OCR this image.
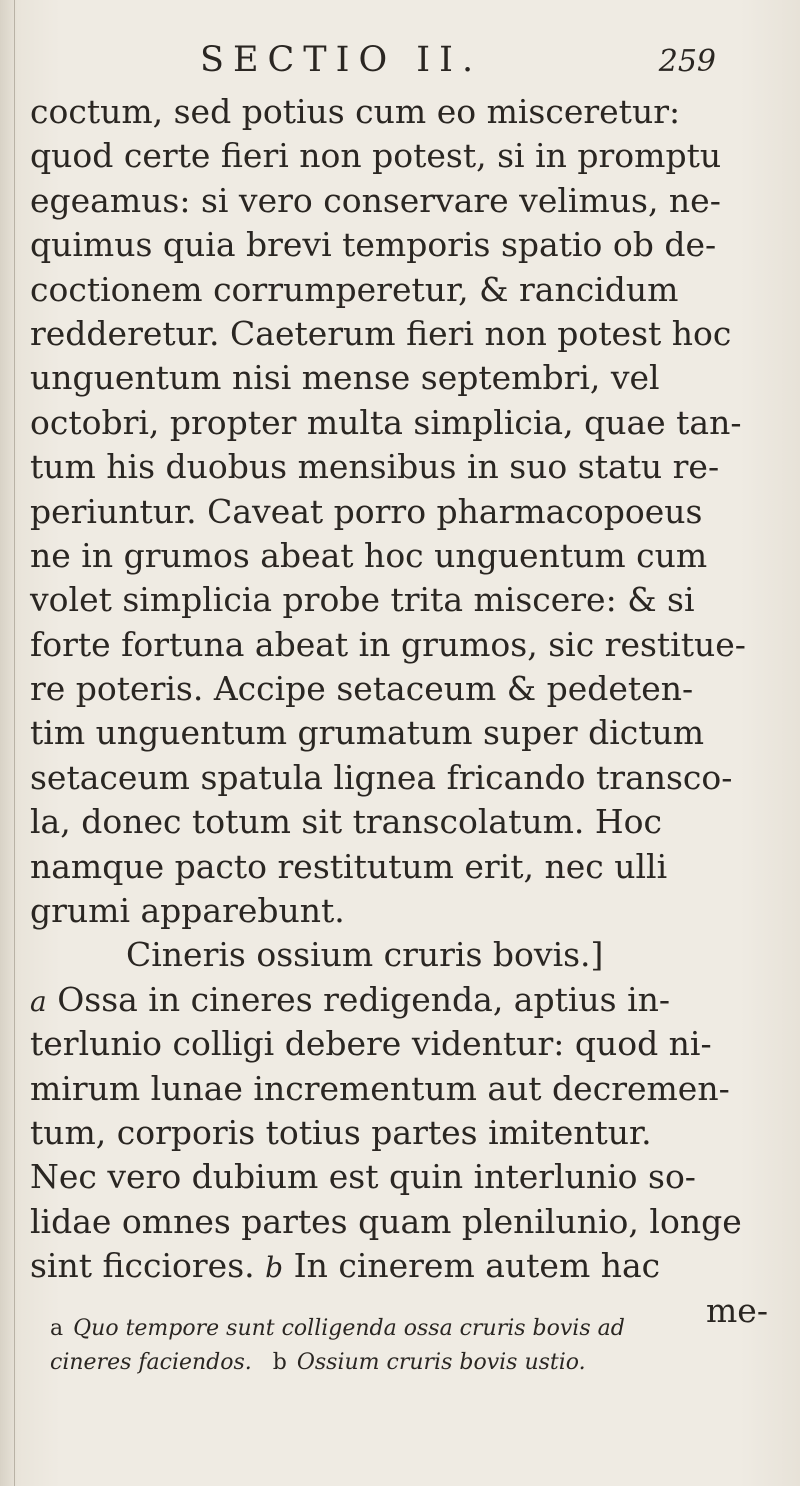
SECTIO II.	259
coctum, sed potius cum eo misceretur:
quod certe fieri non potest, si in promptu
egeamus: si vero conservare velimus, ne-
quimus quia brevi temporis spatio ob de-
coctionem corrumperetur, & rancidum
redderetur. Caeterum fieri non potest hoc
unguentum nisi mense septembri, vel
octobri, propter multa simplicia, quae tan-
tum his duobus mensibus in suo statu re-
periuntur. Caveat porro pharmacopoeus
ne in grumos abeat hoc unguentum cum
volet simplicia probe trita miscere: & si
forte fortuna abeat in grumos, sic restitue-
re poteris. Accipe setaceum & pedeten-
tim unguentum grumatum super dictum
setaceum spatula lignea fricando transco-
la, donec totum sit transcolatum. Hoc
namque pacto restitutum erit, nec ulli
grumi apparebunt.
Cineris ossium cruris bovis.]
a Ossa in cineres redigenda, aptius in-
terlunio colligi debere videntur: quod ni-
mirum lunae incrementum aut decremen-
tum, corporis totius partes imitentur.
Nec vero dubium est quin interlunio so-
lidae omnes partes quam plenilunio, longe
sint ficciores. b In cinerem autem hac
me-
a Quo tempore sunt colligenda ossa cruris bovis ad
cineres faciendos. b Ossium cruris bovis ustio.
